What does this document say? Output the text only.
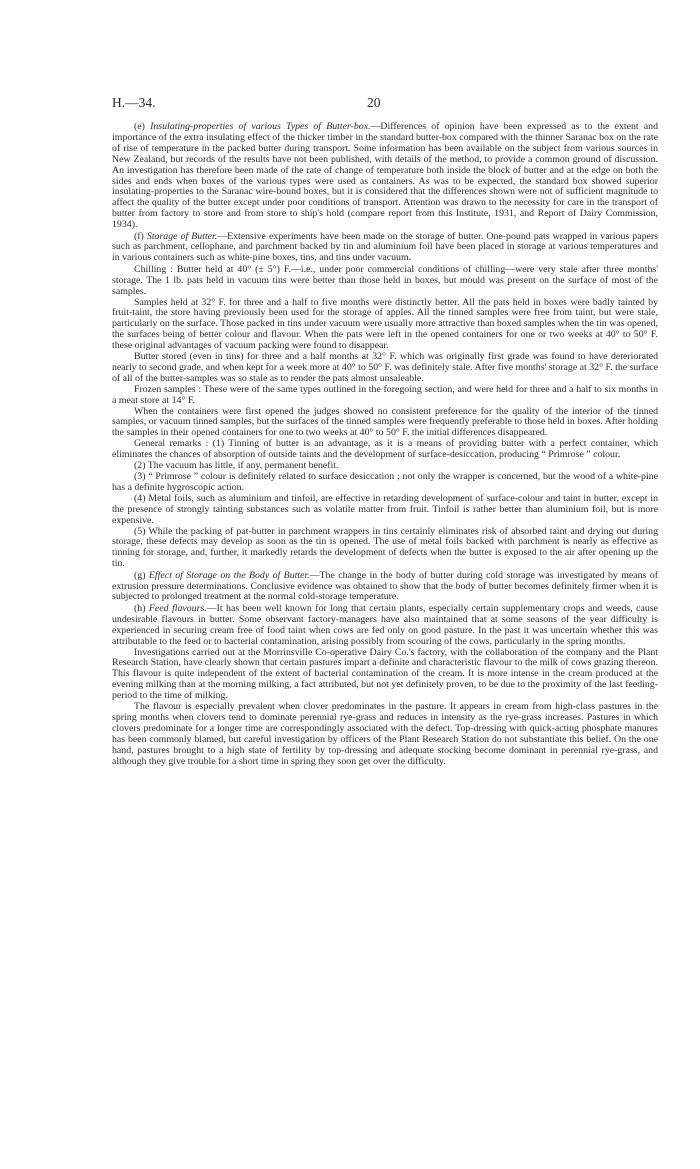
H.—34.	20

(e) Insulating-properties of various Types of Butter-box.—Differences of opinion have been expressed as to the extent and importance of the extra insulating effect of the thicker timber in the standard butter-box compared with the thinner Saranac box on the rate of rise of temperature in the packed butter during transport. Some information has been available on the subject from various sources in New Zealand, but records of the results have not been published, with details of the method, to provide a common ground of discussion. An investigation has therefore been made of the rate of change of temperature both inside the block of butter and at the edge on both the sides and ends when boxes of the various types were used as containers. As was to be expected, the standard box showed superior insulating-properties to the Saranac wire-bound boxes, but it is considered that the differences shown were not of sufficient magnitude to affect the quality of the butter except under poor conditions of transport. Attention was drawn to the necessity for care in the transport of butter from factory to store and from store to ship's hold (compare report from this Institute, 1931, and Report of Dairy Commission, 1934).

(f) Storage of Butter.—Extensive experiments have been made on the storage of butter. One-pound pats wrapped in various papers such as parchment, cellophane, and parchment backed by tin and aluminium foil have been placed in storage at various temperatures and in various containers such as white-pine boxes, tins, and tins under vacuum.

Chilling : Butter held at 40° (± 5°) F.—i.e., under poor commercial conditions of chilling—were very stale after three months' storage. The 1 lb. pats held in vacuum tins were better than those held in boxes, but mould was present on the surface of most of the samples.

Samples held at 32° F. for three and a half to five months were distinctly better. All the pats held in boxes were badly tainted by fruit-taint, the store having previously been used for the storage of apples. All the tinned samples were free from taint, but were stale, particularly on the surface. Those packed in tins under vacuum were usually more attractive than boxed samples when the tin was opened, the surfaces being of better colour and flavour. When the pats were left in the opened containers for one or two weeks at 40° to 50° F. these original advantages of vacuum packing were found to disappear.

Butter stored (even in tins) for three and a half months at 32° F. which was originally first grade was found to have deteriorated nearly to second grade, and when kept for a week more at 40° to 50° F. was definitely stale. After five months' storage at 32° F. the surface of all of the butter-samples was so stale as to render the pats almost unsaleable.

Frozen samples : These were of the same types outlined in the foregoing section, and were held for three and a half to six months in a meat store at 14° F.

When the containers were first opened the judges showed no consistent preference for the quality of the interior of the tinned samples, or vacuum tinned samples, but the surfaces of the tinned samples were frequently preferable to those held in boxes. After holding the samples in their opened containers for one to two weeks at 40° to 50° F. the initial differences disappeared.

General remarks : (1) Tinning of butter is an advantage, as it is a means of providing butter with a perfect container, which eliminates the chances of absorption of outside taints and the development of surface-desiccation, producing “ Primrose ” colour.

(2) The vacuum has little, if any, permanent benefit.

(3) “ Primrose ” colour is definitely related to surface desiccation ; not only the wrapper is concerned, but the wood of a white-pine has a definite hygroscopic action.

(4) Metal foils, such as aluminium and tinfoil, are effective in retarding development of surface-colour and taint in butter, except in the presence of strongly tainting substances such as volatile matter from fruit. Tinfoil is rather better than aluminium foil, but is more expensive.

(5) While the packing of pat-butter in parchment wrappers in tins certainly eliminates risk of absorbed taint and drying out during storage, these defects may develop as soon as the tin is opened. The use of metal foils backed with parchment is nearly as effective as tinning for storage, and, further, it markedly retards the development of defects when the butter is exposed to the air after opening up the tin.

(g) Effect of Storage on the Body of Butter.—The change in the body of butter during cold storage was investigated by means of extrusion pressure determinations. Conclusive evidence was obtained to show that the body of butter becomes definitely firmer when it is subjected to prolonged treatment at the normal cold-storage temperature.

(h) Feed flavours.—It has been well known for long that certain plants, especially certain supplementary crops and weeds, cause undesirable flavours in butter. Some observant factory-managers have also maintained that at some seasons of the year difficulty is experienced in securing cream free of food taint when cows are fed only on good pasture. In the past it was uncertain whether this was attributable to the feed or to bacterial contamination, arising possibly from scouring of the cows, particularly in the spring months.

Investigations carried out at the Morrinsville Co-operative Dairy Co.'s factory, with the collaboration of the company and the Plant Research Station, have clearly shown that certain pastures impart a definite and characteristic flavour to the milk of cows grazing thereon. This flavour is quite independent of the extent of bacterial contamination of the cream. It is more intense in the cream produced at the evening milking than at the morning milking, a fact attributed, but not yet definitely proven, to be due to the proximity of the last feeding-period to the time of milking.

The flavour is especially prevalent when clover predominates in the pasture. It appears in cream from high-class pastures in the spring months when clovers tend to dominate perennial rye-grass and reduces in intensity as the rye-grass increases. Pastures in which clovers predominate for a longer time are correspondingly associated with the defect. Top-dressing with quick-acting phosphate manures has been commonly blamed, but careful investigation by officers of the Plant Research Station do not substantiate this belief. On the one hand, pastures brought to a high state of fertility by top-dressing and adequate stocking become dominant in perennial rye-grass, and although they give trouble for a short time in spring they soon get over the difficulty.
